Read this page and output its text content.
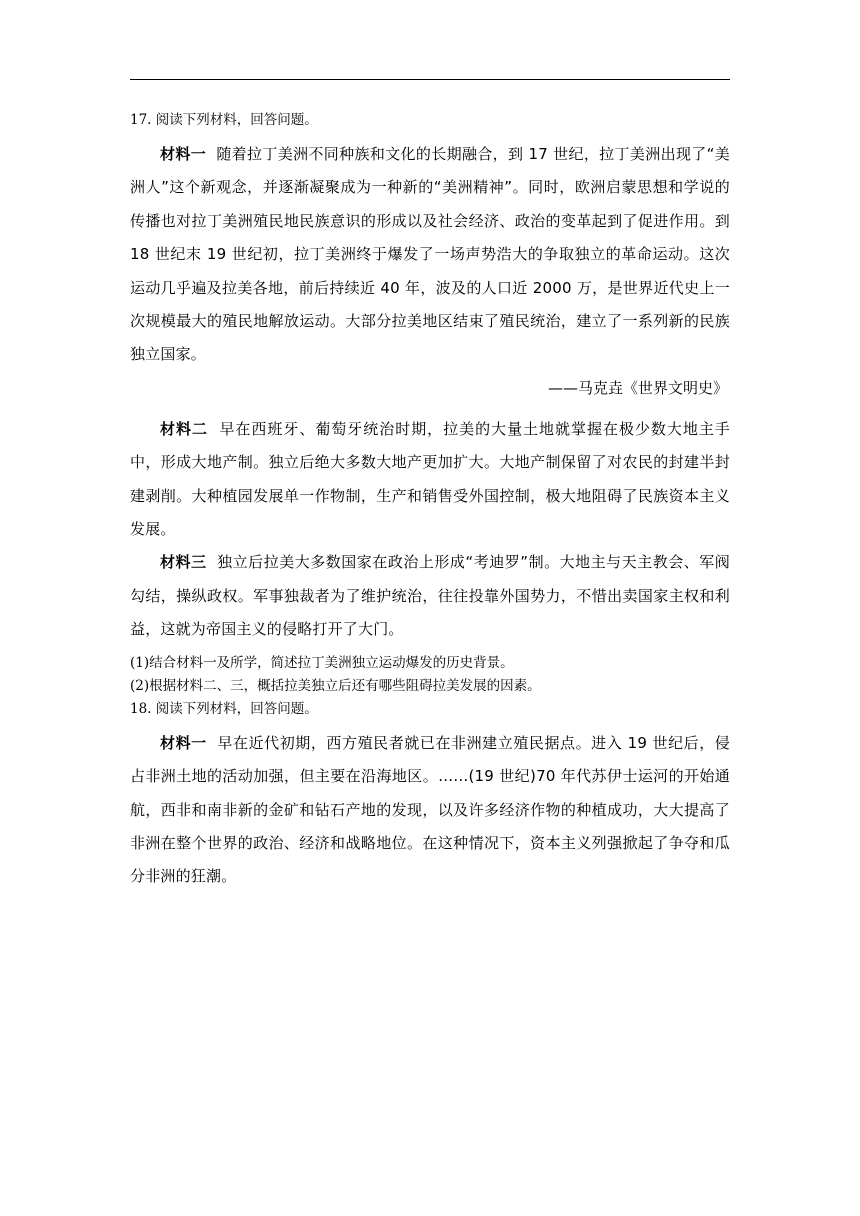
17. 阅读下列材料，回答问题。

材料一 随着拉丁美洲不同种族和文化的长期融合，到 17 世纪，拉丁美洲出现了“美洲人”这个新观念，并逐渐凝聚成为一种新的“美洲精神”。同时，欧洲启蒙思想和学说的传播也对拉丁美洲殖民地民族意识的形成以及社会经济、政治的变革起到了促进作用。到 18 世纪末 19 世纪初，拉丁美洲终于爆发了一场声势浩大的争取独立的革命运动。这次运动几乎遍及拉美各地，前后持续近 40 年，波及的人口近 2000 万，是世界近代史上一次规模最大的殖民地解放运动。大部分拉美地区结束了殖民统治，建立了一系列新的民族独立国家。

——马克垚《世界文明史》

材料二 早在西班牙、葡萄牙统治时期，拉美的大量土地就掌握在极少数大地主手中，形成大地产制。独立后绝大多数大地产更加扩大。大地产制保留了对农民的封建半封建剥削。大种植园发展单一作物制，生产和销售受外国控制，极大地阻碍了民族资本主义发展。

材料三 独立后拉美大多数国家在政治上形成“考迪罗”制。大地主与天主教会、军阀勾结，操纵政权。军事独裁者为了维护统治，往往投靠外国势力，不惜出卖国家主权和利益，这就为帝国主义的侵略打开了大门。

(1)结合材料一及所学，简述拉丁美洲独立运动爆发的历史背景。

(2)根据材料二、三，概括拉美独立后还有哪些阻碍拉美发展的因素。

18. 阅读下列材料，回答问题。

材料一 早在近代初期，西方殖民者就已在非洲建立殖民据点。进入 19 世纪后，侵占非洲土地的活动加强，但主要在沿海地区。……(19 世纪)70 年代苏伊士运河的开始通航，西非和南非新的金矿和钻石产地的发现，以及许多经济作物的种植成功，大大提高了非洲在整个世界的政治、经济和战略地位。在这种情况下，资本主义列强掀起了争夺和瓜分非洲的狂潮。
